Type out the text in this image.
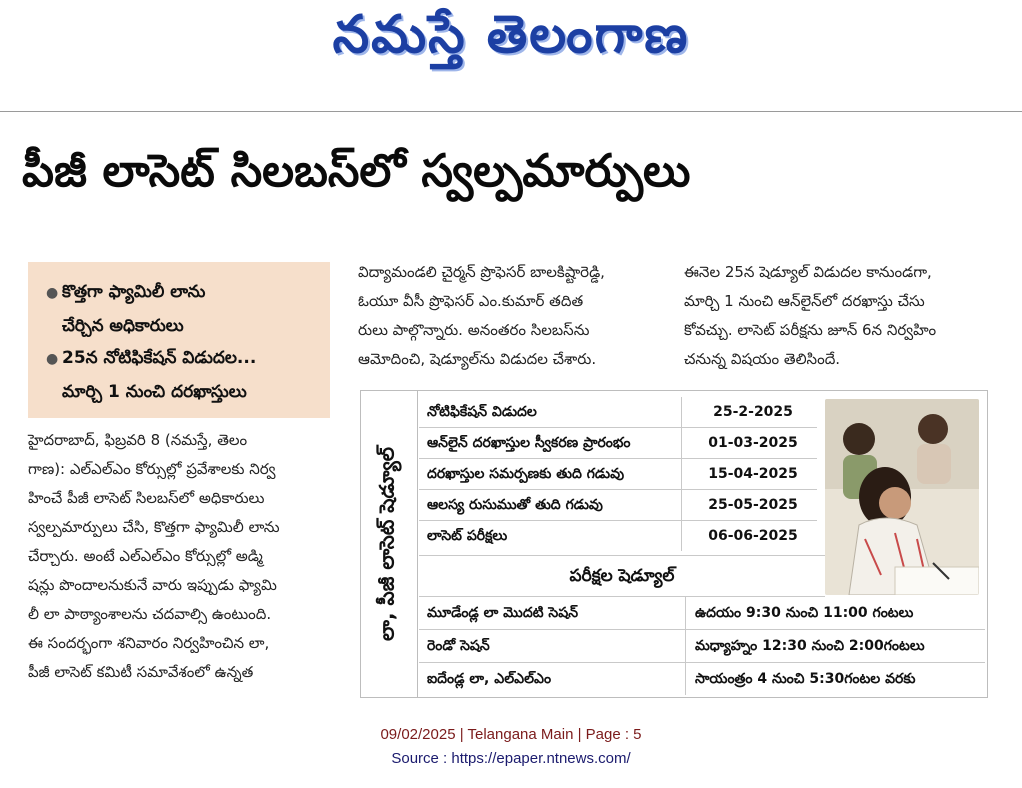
నమస్తే తెలంగాణ
పీజీ లాసెట్ సిలబస్‌లో స్వల్పమార్పులు
● కొత్తగా ఫ్యామిలీ లాను
చేర్చిన అధికారులు
● 25న నోటిఫికేషన్ విడుదల...
మార్చి 1 నుంచి దరఖాస్తులు
హైదరాబాద్, ఫిబ్రవరి 8 (నమస్తే, తెలం
గాణ): ఎల్ఎల్ఎం కోర్సుల్లో ప్రవేశాలకు నిర్వ
హించే పీజీ లాసెట్ సిలబస్‌లో అధికారులు
స్వల్పమార్పులు చేసి, కొత్తగా ఫ్యామిలీ లాను
చేర్చారు. అంటే ఎల్ఎల్ఎం కోర్సుల్లో అడ్మి
షన్లు పొందాలనుకునే వారు ఇప్పుడు ఫ్యామి
లీ లా పాఠ్యాంశాలను చదవాల్సి ఉంటుంది.
ఈ సందర్భంగా శనివారం నిర్వహించిన లా,
పీజీ లాసెట్ కమిటీ సమావేశంలో ఉన్నత
విద్యామండలి చైర్మన్ ప్రొఫెసర్ బాలకిష్టారెడ్డి,
ఓయూ వీసీ ప్రొఫెసర్ ఎం.కుమార్ తదిత
రులు పాల్గొన్నారు. అనంతరం సిలబస్‌ను
ఆమోదించి, షెడ్యూల్‌ను విడుదల చేశారు.
ఈనెల 25న షెడ్యూల్ విడుదల కానుండగా,
మార్చి 1 నుంచి ఆన్‌లైన్‌లో దరఖాస్తు చేసు
కోవచ్చు. లాసెట్ పరీక్షను జూన్ 6న నిర్వహిం
చనున్న విషయం తెలిసిందే.
లా, పీజీ లాసెట్ షెడ్యూల్
నోటిఫికేషన్ విడుదల	25-2-2025
ఆన్‌లైన్ దరఖాస్తుల స్వీకరణ ప్రారంభం	01-03-2025
దరఖాస్తుల సమర్పణకు తుది గడువు	15-04-2025
ఆలస్య రుసుముతో తుది గడువు	25-05-2025
లాసెట్ పరీక్షలు	06-06-2025
పరీక్షల షెడ్యూల్
మూడేండ్ల లా మొదటి సెషన్	ఉదయం 9:30 నుంచి 11:00 గంటలు
రెండో సెషన్	మధ్యాహ్నం 12:30 నుంచి 2:00గంటలు
ఐదేండ్ల లా, ఎల్ఎల్ఎం	సాయంత్రం 4 నుంచి 5:30గంటల వరకు
09/02/2025 | Telangana Main | Page : 5
Source : https://epaper.ntnews.com/
